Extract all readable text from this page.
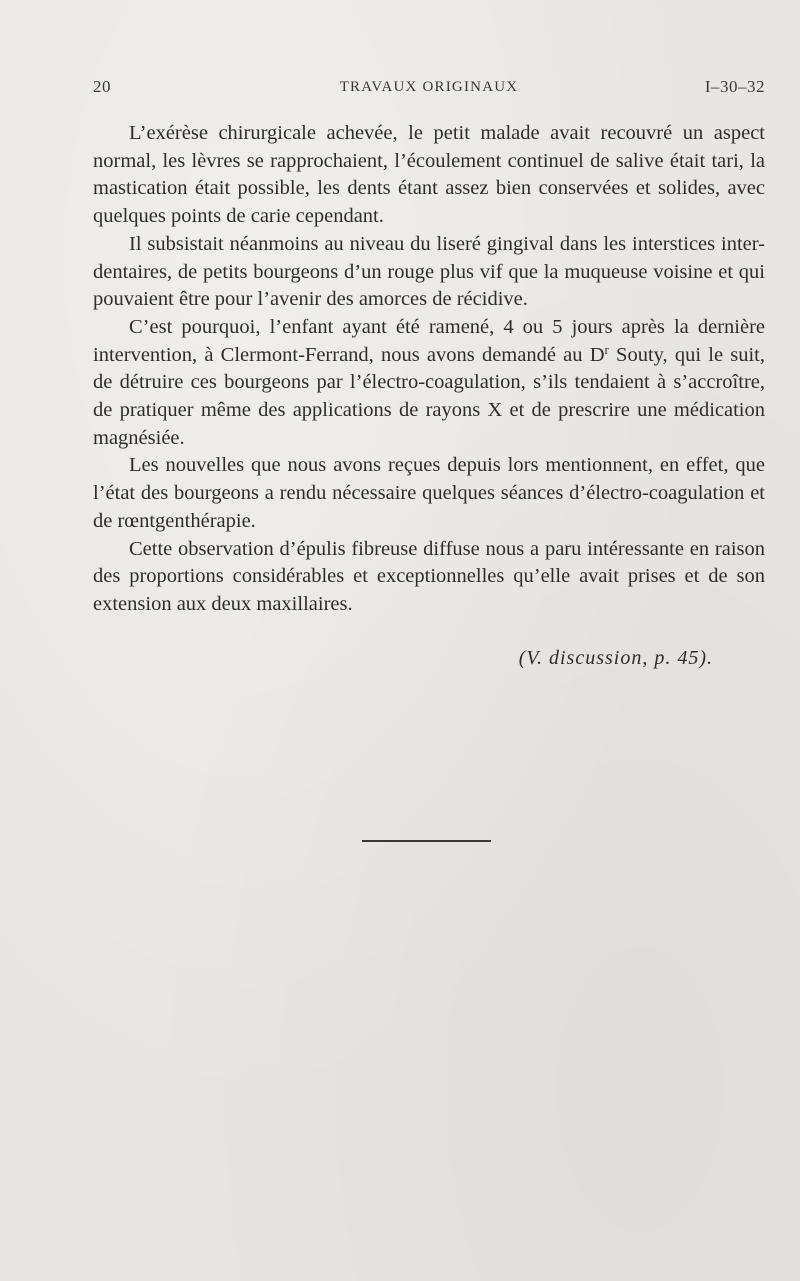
20	TRAVAUX ORIGINAUX	I–30–32

L’exérèse chirurgicale achevée, le petit malade avait recouvré un aspect normal, les lèvres se rapprochaient, l’écoulement continuel de salive était tari, la mastication était possible, les dents étant assez bien conservées et solides, avec quelques points de carie cependant.

Il subsistait néanmoins au niveau du liseré gingival dans les interstices inter-dentaires, de petits bourgeons d’un rouge plus vif que la muqueuse voisine et qui pouvaient être pour l’avenir des amorces de récidive.

C’est pourquoi, l’enfant ayant été ramené, 4 ou 5 jours après la dernière intervention, à Clermont-Ferrand, nous avons demandé au $D^r$ Souty, qui le suit, de détruire ces bourgeons par l’électro-coagulation, s’ils tendaient à s’accroître, de pratiquer même des applications de rayons X et de prescrire une médication magnésiée.

Les nouvelles que nous avons reçues depuis lors mentionnent, en effet, que l’état des bourgeons a rendu nécessaire quelques séances d’électro-coagulation et de rœntgenthérapie.

Cette observation d’épulis fibreuse diffuse nous a paru intéressante en raison des proportions considérables et exceptionnelles qu’elle avait prises et de son extension aux deux maxillaires.

(V. discussion, p. 45).
